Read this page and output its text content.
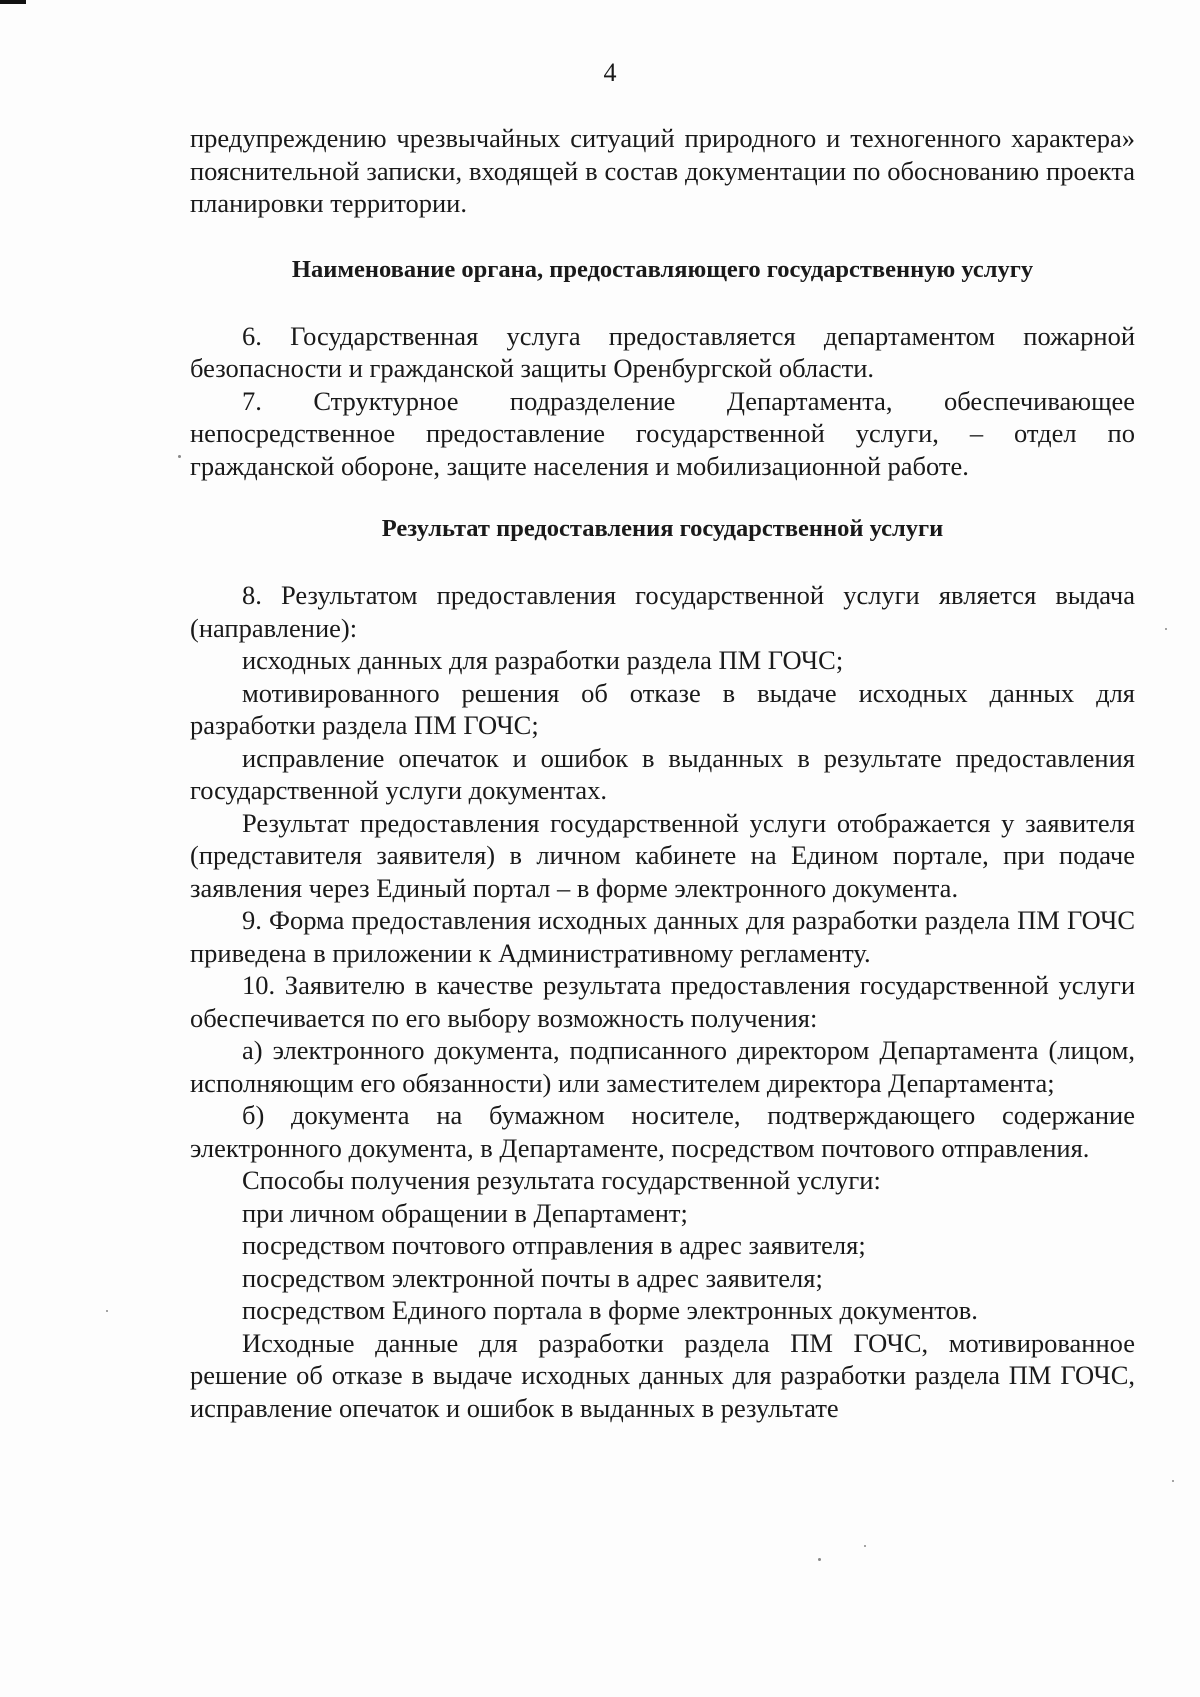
4

предупреждению чрезвычайных ситуаций природного и техногенного характера» пояснительной записки, входящей в состав документации по обоснованию проекта планировки территории.

Наименование органа, предоставляющего государственную услугу

6. Государственная услуга предоставляется департаментом пожарной безопасности и гражданской защиты Оренбургской области.

7. Структурное подразделение Департамента, обеспечивающее непосредственное предоставление государственной услуги, – отдел по гражданской обороне, защите населения и мобилизационной работе.

Результат предоставления государственной услуги

8. Результатом предоставления государственной услуги является выдача (направление):

исходных данных для разработки раздела ПМ ГОЧС;

мотивированного решения об отказе в выдаче исходных данных для разработки раздела ПМ ГОЧС;

исправление опечаток и ошибок в выданных в результате предоставления государственной услуги документах.

Результат предоставления государственной услуги отображается у заявителя (представителя заявителя) в личном кабинете на Едином портале, при подаче заявления через Единый портал – в форме электронного документа.

9. Форма предоставления исходных данных для разработки раздела ПМ ГОЧС приведена в приложении к Административному регламенту.

10. Заявителю в качестве результата предоставления государственной услуги обеспечивается по его выбору возможность получения:

а) электронного документа, подписанного директором Департамента (лицом, исполняющим его обязанности) или заместителем директора Департамента;

б) документа на бумажном носителе, подтверждающего содержание электронного документа, в Департаменте, посредством почтового отправления.

Способы получения результата государственной услуги:

при личном обращении в Департамент;

посредством почтового отправления в адрес заявителя;

посредством электронной почты в адрес заявителя;

посредством Единого портала в форме электронных документов.

Исходные данные для разработки раздела ПМ ГОЧС, мотивированное решение об отказе в выдаче исходных данных для разработки раздела ПМ ГОЧС, исправление опечаток и ошибок в выданных в результате
